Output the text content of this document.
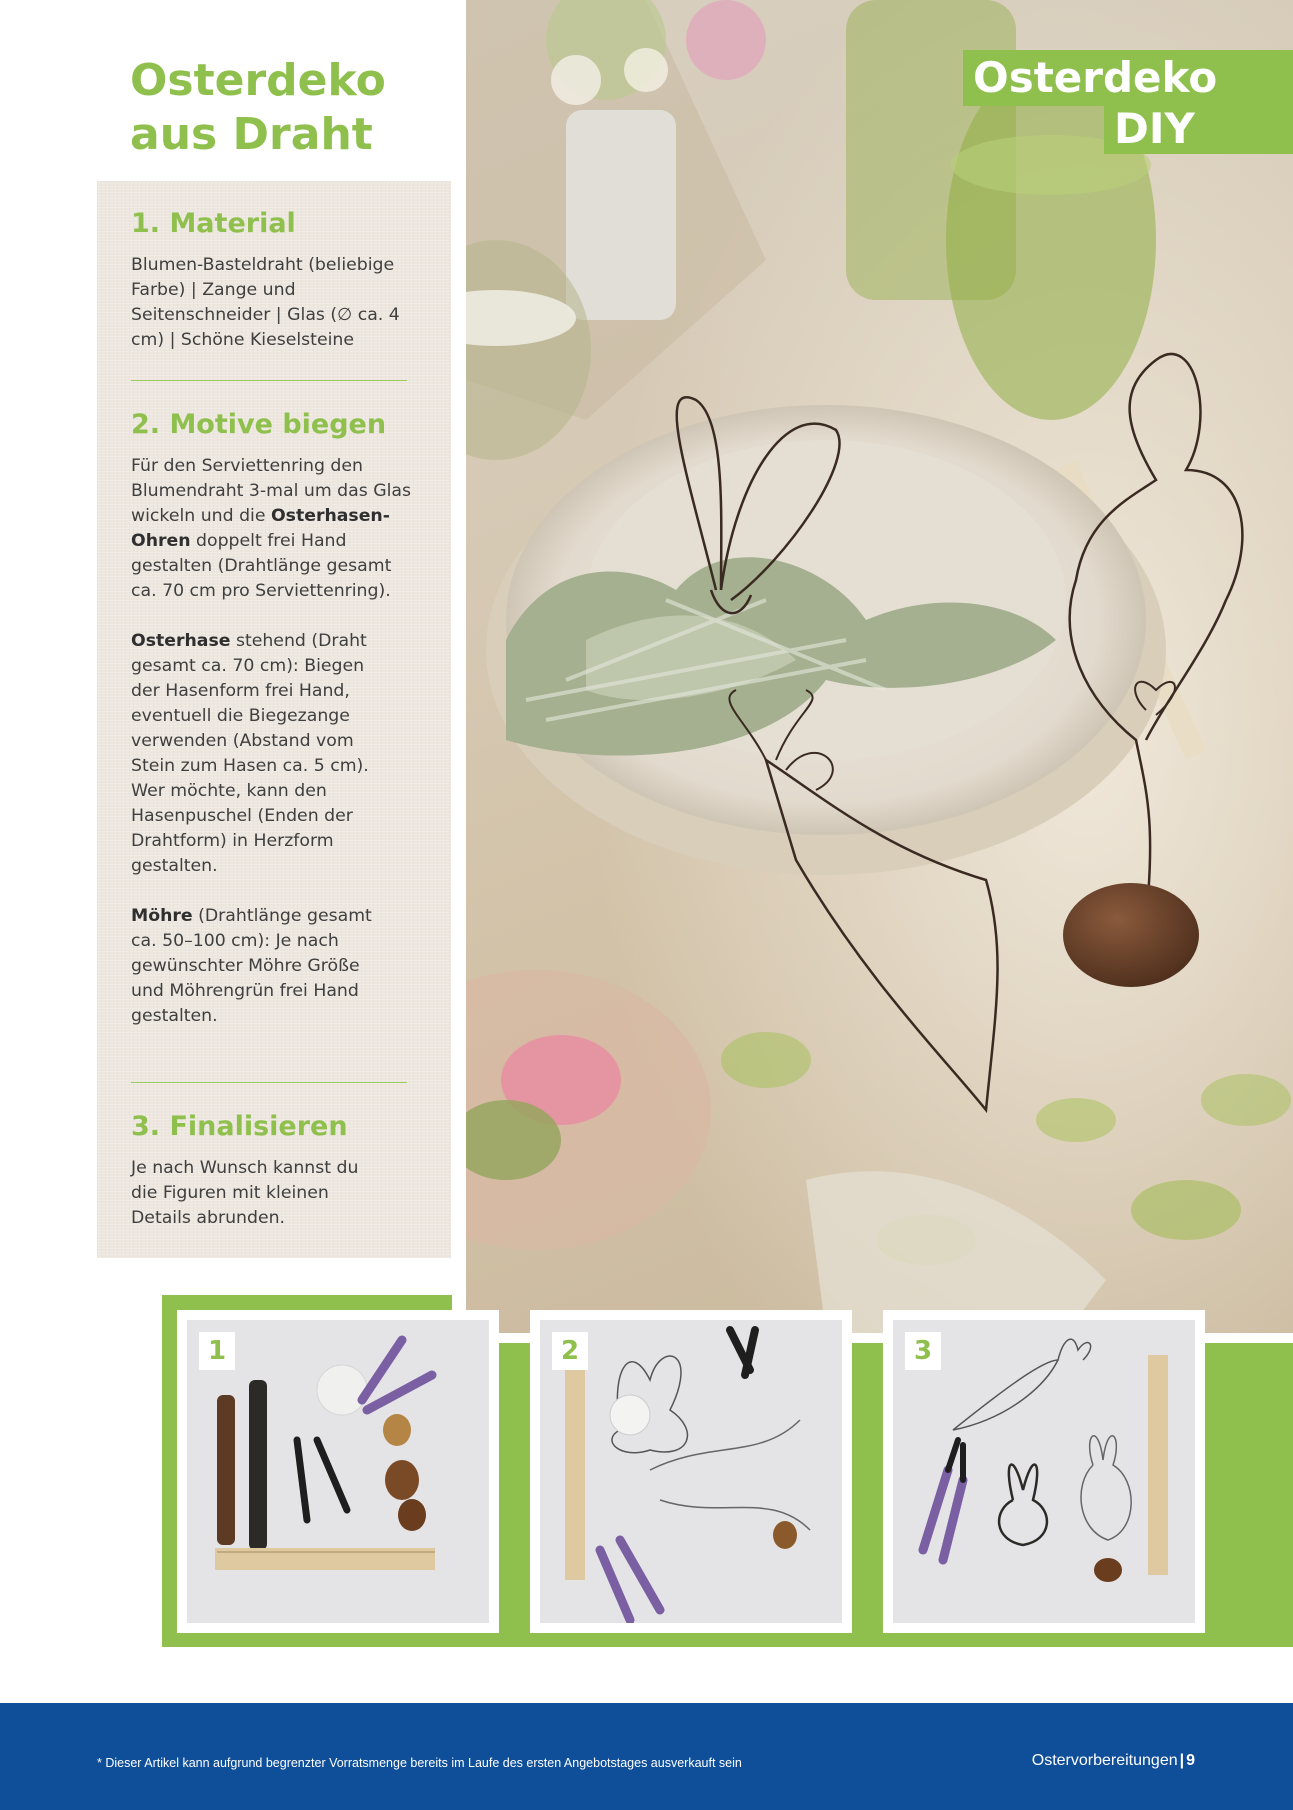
Osterdeko
aus Draht
1. Material

Blumen-Basteldraht (beliebige Farbe) | Zange und Seitenschneider | Glas (∅ ca. 4 cm) | Schöne Kieselsteine

2. Motive biegen

Für den Serviettenring den Blumendraht 3-mal um das Glas wickeln und die Osterhasen-Ohren doppelt frei Hand gestalten (Drahtlänge gesamt ca. 70 cm pro Serviettenring).

Osterhase stehend (Draht gesamt ca. 70 cm): Biegen der Hasenform frei Hand, eventuell die Biegezange verwenden (Abstand vom Stein zum Hasen ca. 5 cm). Wer möchte, kann den Hasenpuschel (Enden der Drahtform) in Herzform gestalten.

Möhre (Drahtlänge gesamt ca. 50–100 cm): Je nach gewünschter Möhre Größe und Möhrengrün frei Hand gestalten.

3. Finalisieren

Je nach Wunsch kannst du die Figuren mit kleinen Details abrunden.

Osterdeko
DIY
1	2	3
* Dieser Artikel kann aufgrund begrenzter Vorratsmenge bereits im Laufe des ersten Angebotstages ausverkauft sein	Ostervorbereitungen | 9
